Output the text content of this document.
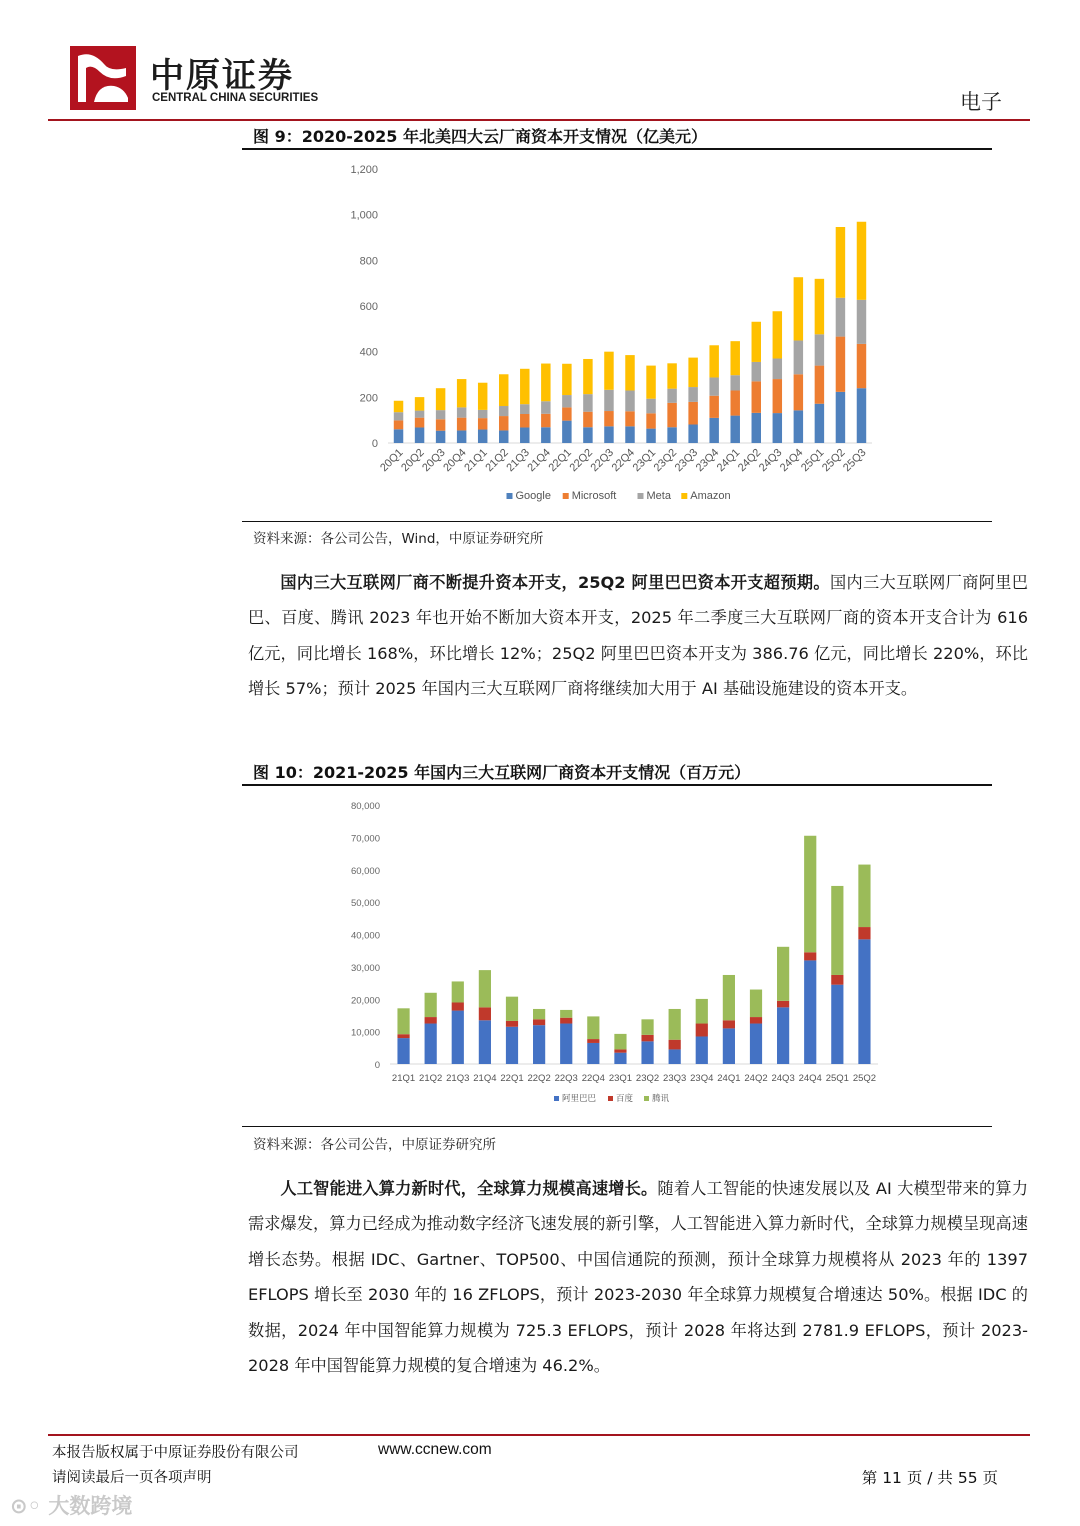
中原证券
CENTRAL CHINA SECURITIES	电子
图 9：2020-2025 年北美四大云厂商资本开支情况（亿美元）
0
200
400
600
800
1,000
1,200
20Q1
20Q2
20Q3
20Q4
21Q1
21Q2
21Q3
21Q4
22Q1
22Q2
22Q3
22Q4
23Q1
23Q2
23Q3
23Q4
24Q1
24Q2
24Q3
24Q4
25Q1
25Q2
25Q3
Google Microsoft	Meta Amazon
资料来源：各公司公告，Wind，中原证券研究所

国内三大互联网厂商不断提升资本开支，25Q2 阿里巴巴资本开支超预期。国内三大互联网厂商阿里巴巴、百度、腾讯 2023 年也开始不断加大资本开支，2025 年二季度三大互联网厂商的资本开支合计为 616 亿元，同比增长 168%，环比增长 12%；25Q2 阿里巴巴资本开支为 386.76 亿元，同比增长 220%，环比增长 57%；预计 2025 年国内三大互联网厂商将继续加大用于 AI 基础设施建设的资本开支。

图 10：2021-2025 年国内三大互联网厂商资本开支情况（百万元）
0
10,000
20,000
30,000
40,000
50,000
60,000
70,000
80,000
21Q1 21Q2 21Q3 21Q4 22Q1 22Q2 22Q3 22Q4 23Q1 23Q2 23Q3 23Q4 24Q1 24Q2 24Q3 24Q4 25Q1 25Q2
阿里巴巴 百度 腾讯
资料来源：各公司公告，中原证券研究所

人工智能进入算力新时代，全球算力规模高速增长。随着人工智能的快速发展以及 AI 大模型带来的算力需求爆发，算力已经成为推动数字经济飞速发展的新引擎，人工智能进入算力新时代，全球算力规模呈现高速增长态势。根据 IDC、Gartner、TOP500、中国信通院的预测，预计全球算力规模将从 2023 年的 1397 EFLOPS 增长至 2030 年的 16 ZFLOPS，预计 2023-2030 年全球算力规模复合增速达 50%。根据 IDC 的数据，2024 年中国智能算力规模为 725.3 EFLOPS，预计 2028 年将达到 2781.9 EFLOPS，预计 2023-2028 年中国智能算力规模的复合增速为 46.2%。

本报告版权属于中原证券股份有限公司	www.ccnew.com
请阅读最后一页各项声明	第 11 页 / 共 55 页
⊙◦ 大数跨境
